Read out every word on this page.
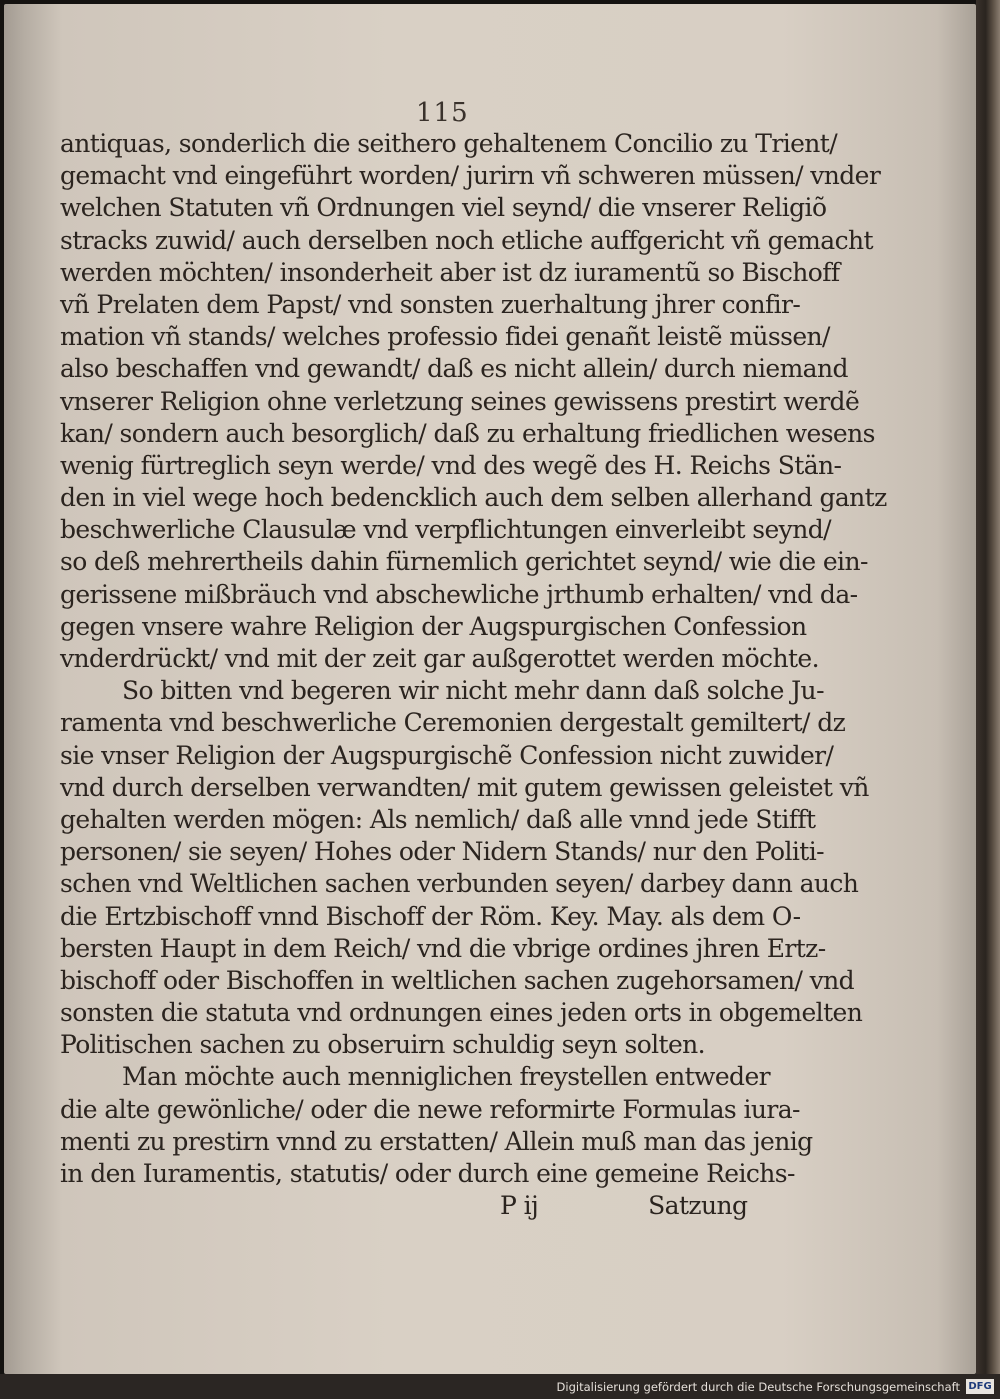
115
antiquas, sonderlich die seithero gehaltenem Concilio zu Trient/
gemacht vnd eingeführt worden/ jurirn vñ schweren müssen/ vnder
welchen Statuten vñ Ordnungen viel seynd/ die vnserer Religiõ
stracks zuwid/ auch derselben noch etliche auffgericht vñ gemacht
werden möchten/ insonderheit aber ist dz iuramentũ so Bischoff
vñ Prelaten dem Papst/ vnd sonsten zuerhaltung jhrer confir-
mation vñ stands/ welches professio fidei genañt leistẽ müssen/
also beschaffen vnd gewandt/ daß es nicht allein/ durch niemand
vnserer Religion ohne verletzung seines gewissens prestirt werdẽ
kan/ sondern auch besorglich/ daß zu erhaltung friedlichen wesens
wenig fürtreglich seyn werde/ vnd des wegẽ des H. Reichs Stän-
den in viel wege hoch bedencklich auch dem selben allerhand gantz
beschwerliche Clausulæ vnd verpflichtungen einverleibt seynd/
so deß mehrertheils dahin fürnemlich gerichtet seynd/ wie die ein-
gerissene mißbräuch vnd abschewliche jrthumb erhalten/ vnd da-
gegen vnsere wahre Religion der Augspurgischen Confession
vnderdrückt/ vnd mit der zeit gar außgerottet werden möchte.
So bitten vnd begeren wir nicht mehr dann daß solche Ju-
ramenta vnd beschwerliche Ceremonien dergestalt gemiltert/ dz
sie vnser Religion der Augspurgischẽ Confession nicht zuwider/
vnd durch derselben verwandten/ mit gutem gewissen geleistet vñ
gehalten werden mögen: Als nemlich/ daß alle vnnd jede Stifft
personen/ sie seyen/ Hohes oder Nidern Stands/ nur den Politi-
schen vnd Weltlichen sachen verbunden seyen/ darbey dann auch
die Ertzbischoff vnnd Bischoff der Röm. Key. May. als dem O-
bersten Haupt in dem Reich/ vnd die vbrige ordines jhren Ertz-
bischoff oder Bischoffen in weltlichen sachen zugehorsamen/ vnd
sonsten die statuta vnd ordnungen eines jeden orts in obgemelten
Politischen sachen zu obseruirn schuldig seyn solten.
Man möchte auch menniglichen freystellen entweder
die alte gewönliche/ oder die newe reformirte Formulas iura-
menti zu prestirn vnnd zu erstatten/ Allein muß man das jenig
in den Iuramentis, statutis/ oder durch eine gemeine Reichs-
P ij	Satzung
Digitalisierung gefördert durch die Deutsche Forschungsgemeinschaft DFG
